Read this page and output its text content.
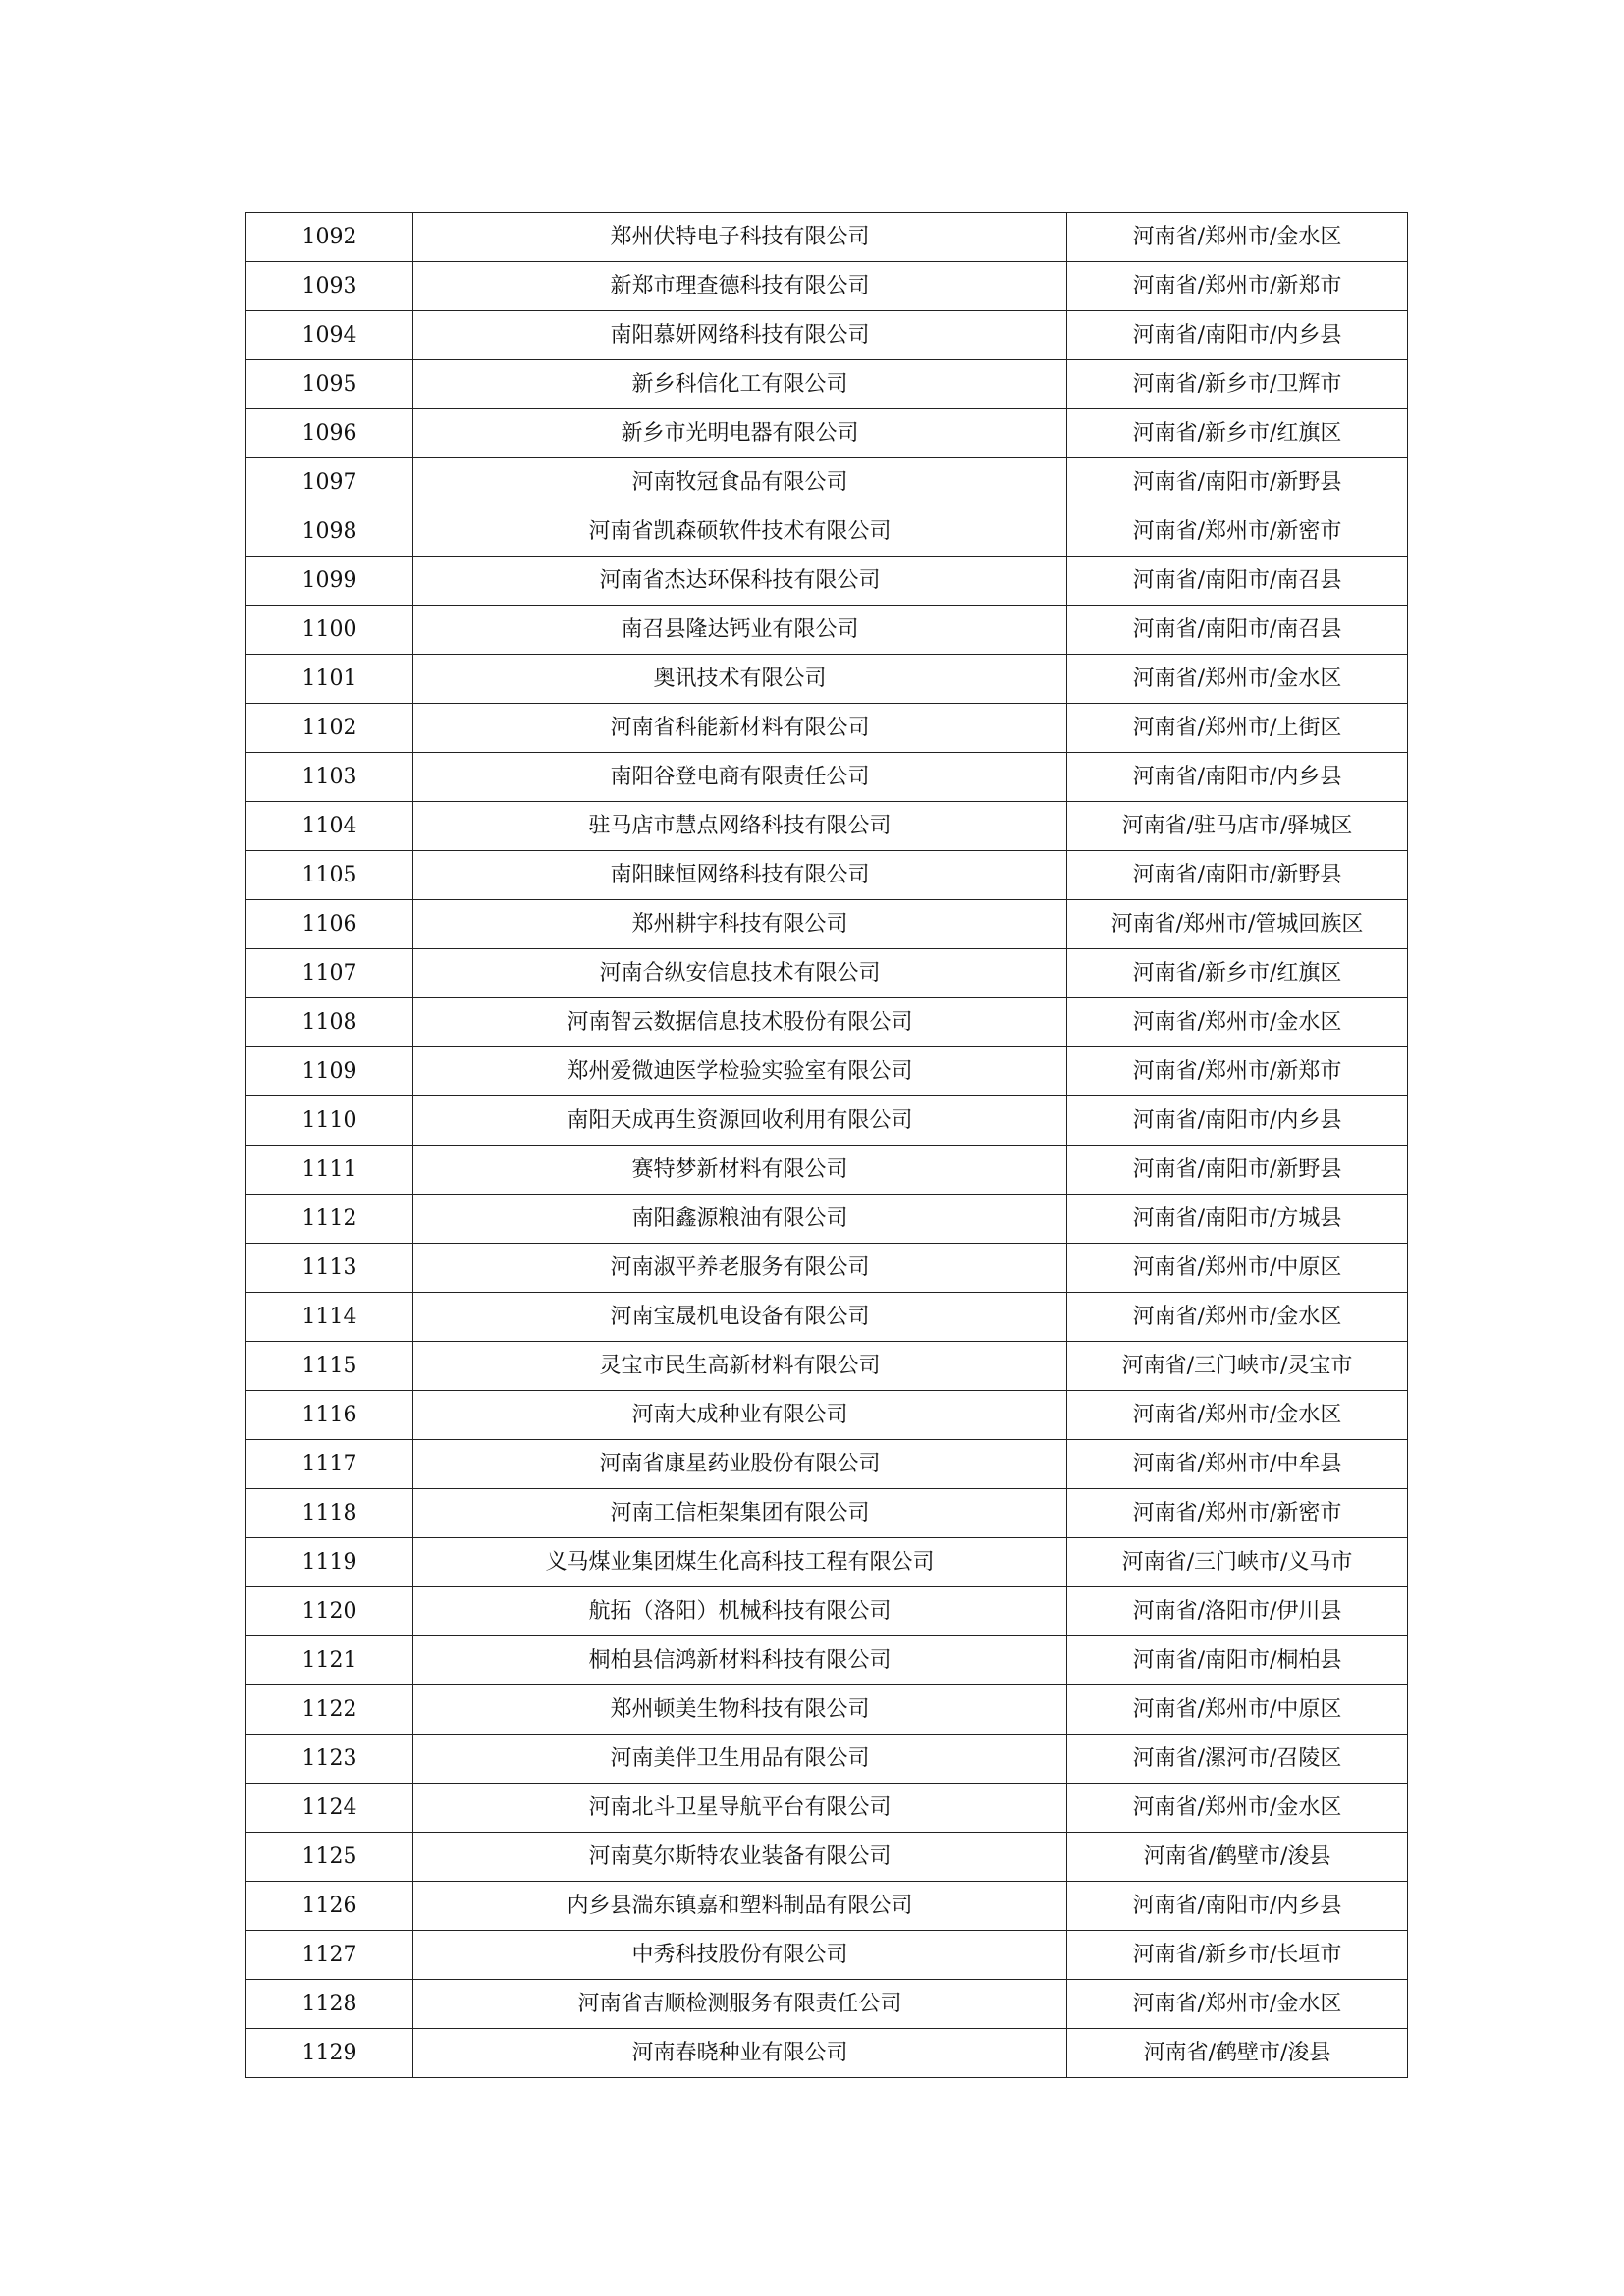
1092	郑州伏特电子科技有限公司	河南省/郑州市/金水区
1093	新郑市理查德科技有限公司	河南省/郑州市/新郑市
1094	南阳慕妍网络科技有限公司	河南省/南阳市/内乡县
1095	新乡科信化工有限公司	河南省/新乡市/卫辉市
1096	新乡市光明电器有限公司	河南省/新乡市/红旗区
1097	河南牧冠食品有限公司	河南省/南阳市/新野县
1098	河南省凯森硕软件技术有限公司	河南省/郑州市/新密市
1099	河南省杰达环保科技有限公司	河南省/南阳市/南召县
1100	南召县隆达钙业有限公司	河南省/南阳市/南召县
1101	奥讯技术有限公司	河南省/郑州市/金水区
1102	河南省科能新材料有限公司	河南省/郑州市/上街区
1103	南阳谷登电商有限责任公司	河南省/南阳市/内乡县
1104	驻马店市慧点网络科技有限公司	河南省/驻马店市/驿城区
1105	南阳睐恒网络科技有限公司	河南省/南阳市/新野县
1106	郑州耕宇科技有限公司	河南省/郑州市/管城回族区
1107	河南合纵安信息技术有限公司	河南省/新乡市/红旗区
1108	河南智云数据信息技术股份有限公司	河南省/郑州市/金水区
1109	郑州爱微迪医学检验实验室有限公司	河南省/郑州市/新郑市
1110	南阳天成再生资源回收利用有限公司	河南省/南阳市/内乡县
1111	赛特梦新材料有限公司	河南省/南阳市/新野县
1112	南阳鑫源粮油有限公司	河南省/南阳市/方城县
1113	河南淑平养老服务有限公司	河南省/郑州市/中原区
1114	河南宝晟机电设备有限公司	河南省/郑州市/金水区
1115	灵宝市民生高新材料有限公司	河南省/三门峡市/灵宝市
1116	河南大成种业有限公司	河南省/郑州市/金水区
1117	河南省康星药业股份有限公司	河南省/郑州市/中牟县
1118	河南工信柜架集团有限公司	河南省/郑州市/新密市
1119	义马煤业集团煤生化高科技工程有限公司	河南省/三门峡市/义马市
1120	航拓（洛阳）机械科技有限公司	河南省/洛阳市/伊川县
1121	桐柏县信鸿新材料科技有限公司	河南省/南阳市/桐柏县
1122	郑州顿美生物科技有限公司	河南省/郑州市/中原区
1123	河南美伴卫生用品有限公司	河南省/漯河市/召陵区
1124	河南北斗卫星导航平台有限公司	河南省/郑州市/金水区
1125	河南莫尔斯特农业装备有限公司	河南省/鹤壁市/浚县
1126	内乡县湍东镇嘉和塑料制品有限公司	河南省/南阳市/内乡县
1127	中秀科技股份有限公司	河南省/新乡市/长垣市
1128	河南省吉顺检测服务有限责任公司	河南省/郑州市/金水区
1129	河南春晓种业有限公司	河南省/鹤壁市/浚县
